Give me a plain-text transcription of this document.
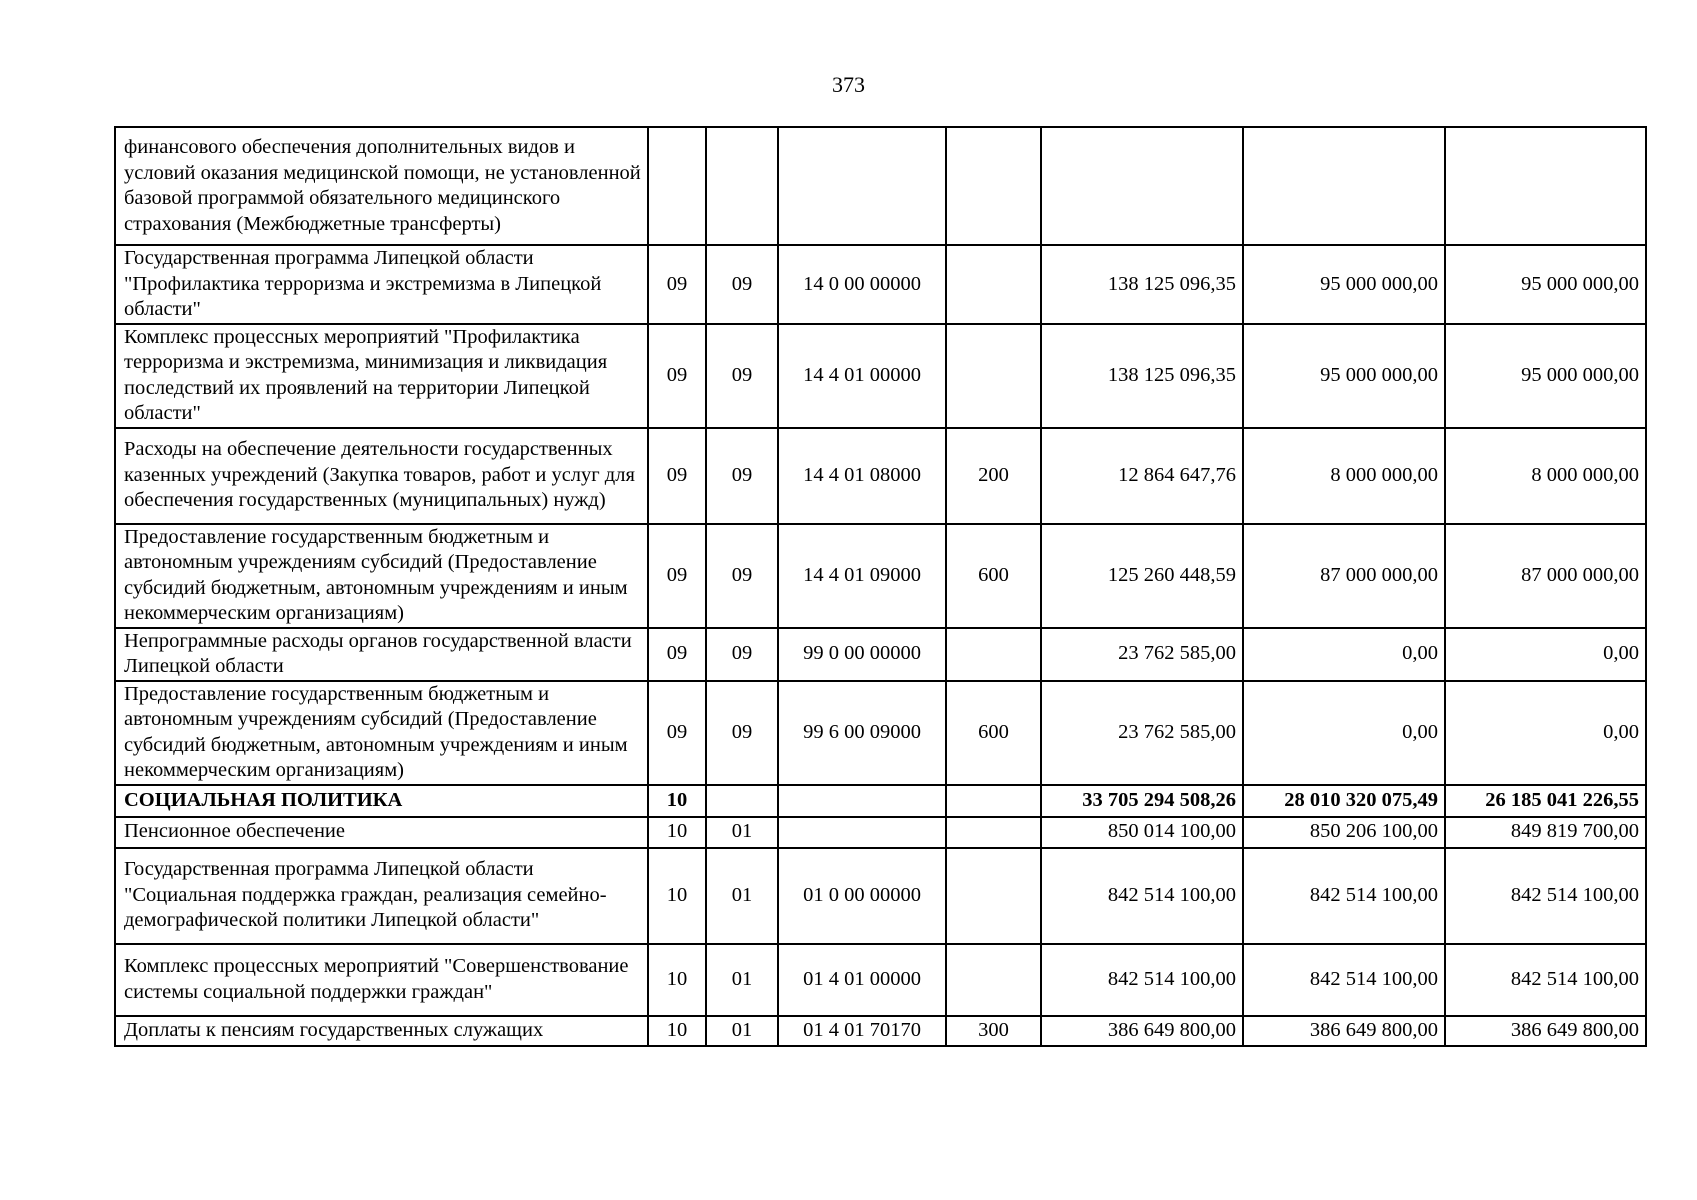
373
финансового обеспечения дополнительных видов и условий оказания медицинской помощи, не установленной базовой программой обязательного медицинского страхования (Межбюджетные трансферты)							
Государственная программа Липецкой области "Профилактика терроризма и экстремизма в Липецкой области"	09	09	14 0 00 00000		138 125 096,35	95 000 000,00	95 000 000,00
Комплекс процессных мероприятий "Профилактика терроризма и экстремизма, минимизация и ликвидация последствий их проявлений на территории Липецкой области"	09	09	14 4 01 00000		138 125 096,35	95 000 000,00	95 000 000,00
Расходы на обеспечение деятельности государственных казенных учреждений (Закупка товаров, работ и услуг для обеспечения государственных (муниципальных) нужд)	09	09	14 4 01 08000	200	12 864 647,76	8 000 000,00	8 000 000,00
Предоставление государственным бюджетным и автономным учреждениям субсидий (Предоставление субсидий бюджетным, автономным учреждениям и иным некоммерческим организациям)	09	09	14 4 01 09000	600	125 260 448,59	87 000 000,00	87 000 000,00
Непрограммные расходы органов государственной власти Липецкой области	09	09	99 0 00 00000		23 762 585,00	0,00	0,00
Предоставление государственным бюджетным и автономным учреждениям субсидий (Предоставление субсидий бюджетным, автономным учреждениям и иным некоммерческим организациям)	09	09	99 6 00 09000	600	23 762 585,00	0,00	0,00
СОЦИАЛЬНАЯ ПОЛИТИКА	10				33 705 294 508,26	28 010 320 075,49	26 185 041 226,55
Пенсионное обеспечение	10	01			850 014 100,00	850 206 100,00	849 819 700,00
Государственная программа Липецкой области "Социальная поддержка граждан, реализация семейно-демографической политики Липецкой области"	10	01	01 0 00 00000		842 514 100,00	842 514 100,00	842 514 100,00
Комплекс процессных мероприятий "Совершенствование системы социальной поддержки граждан"	10	01	01 4 01 00000		842 514 100,00	842 514 100,00	842 514 100,00
Доплаты к пенсиям государственных служащих	10	01	01 4 01 70170	300	386 649 800,00	386 649 800,00	386 649 800,00
